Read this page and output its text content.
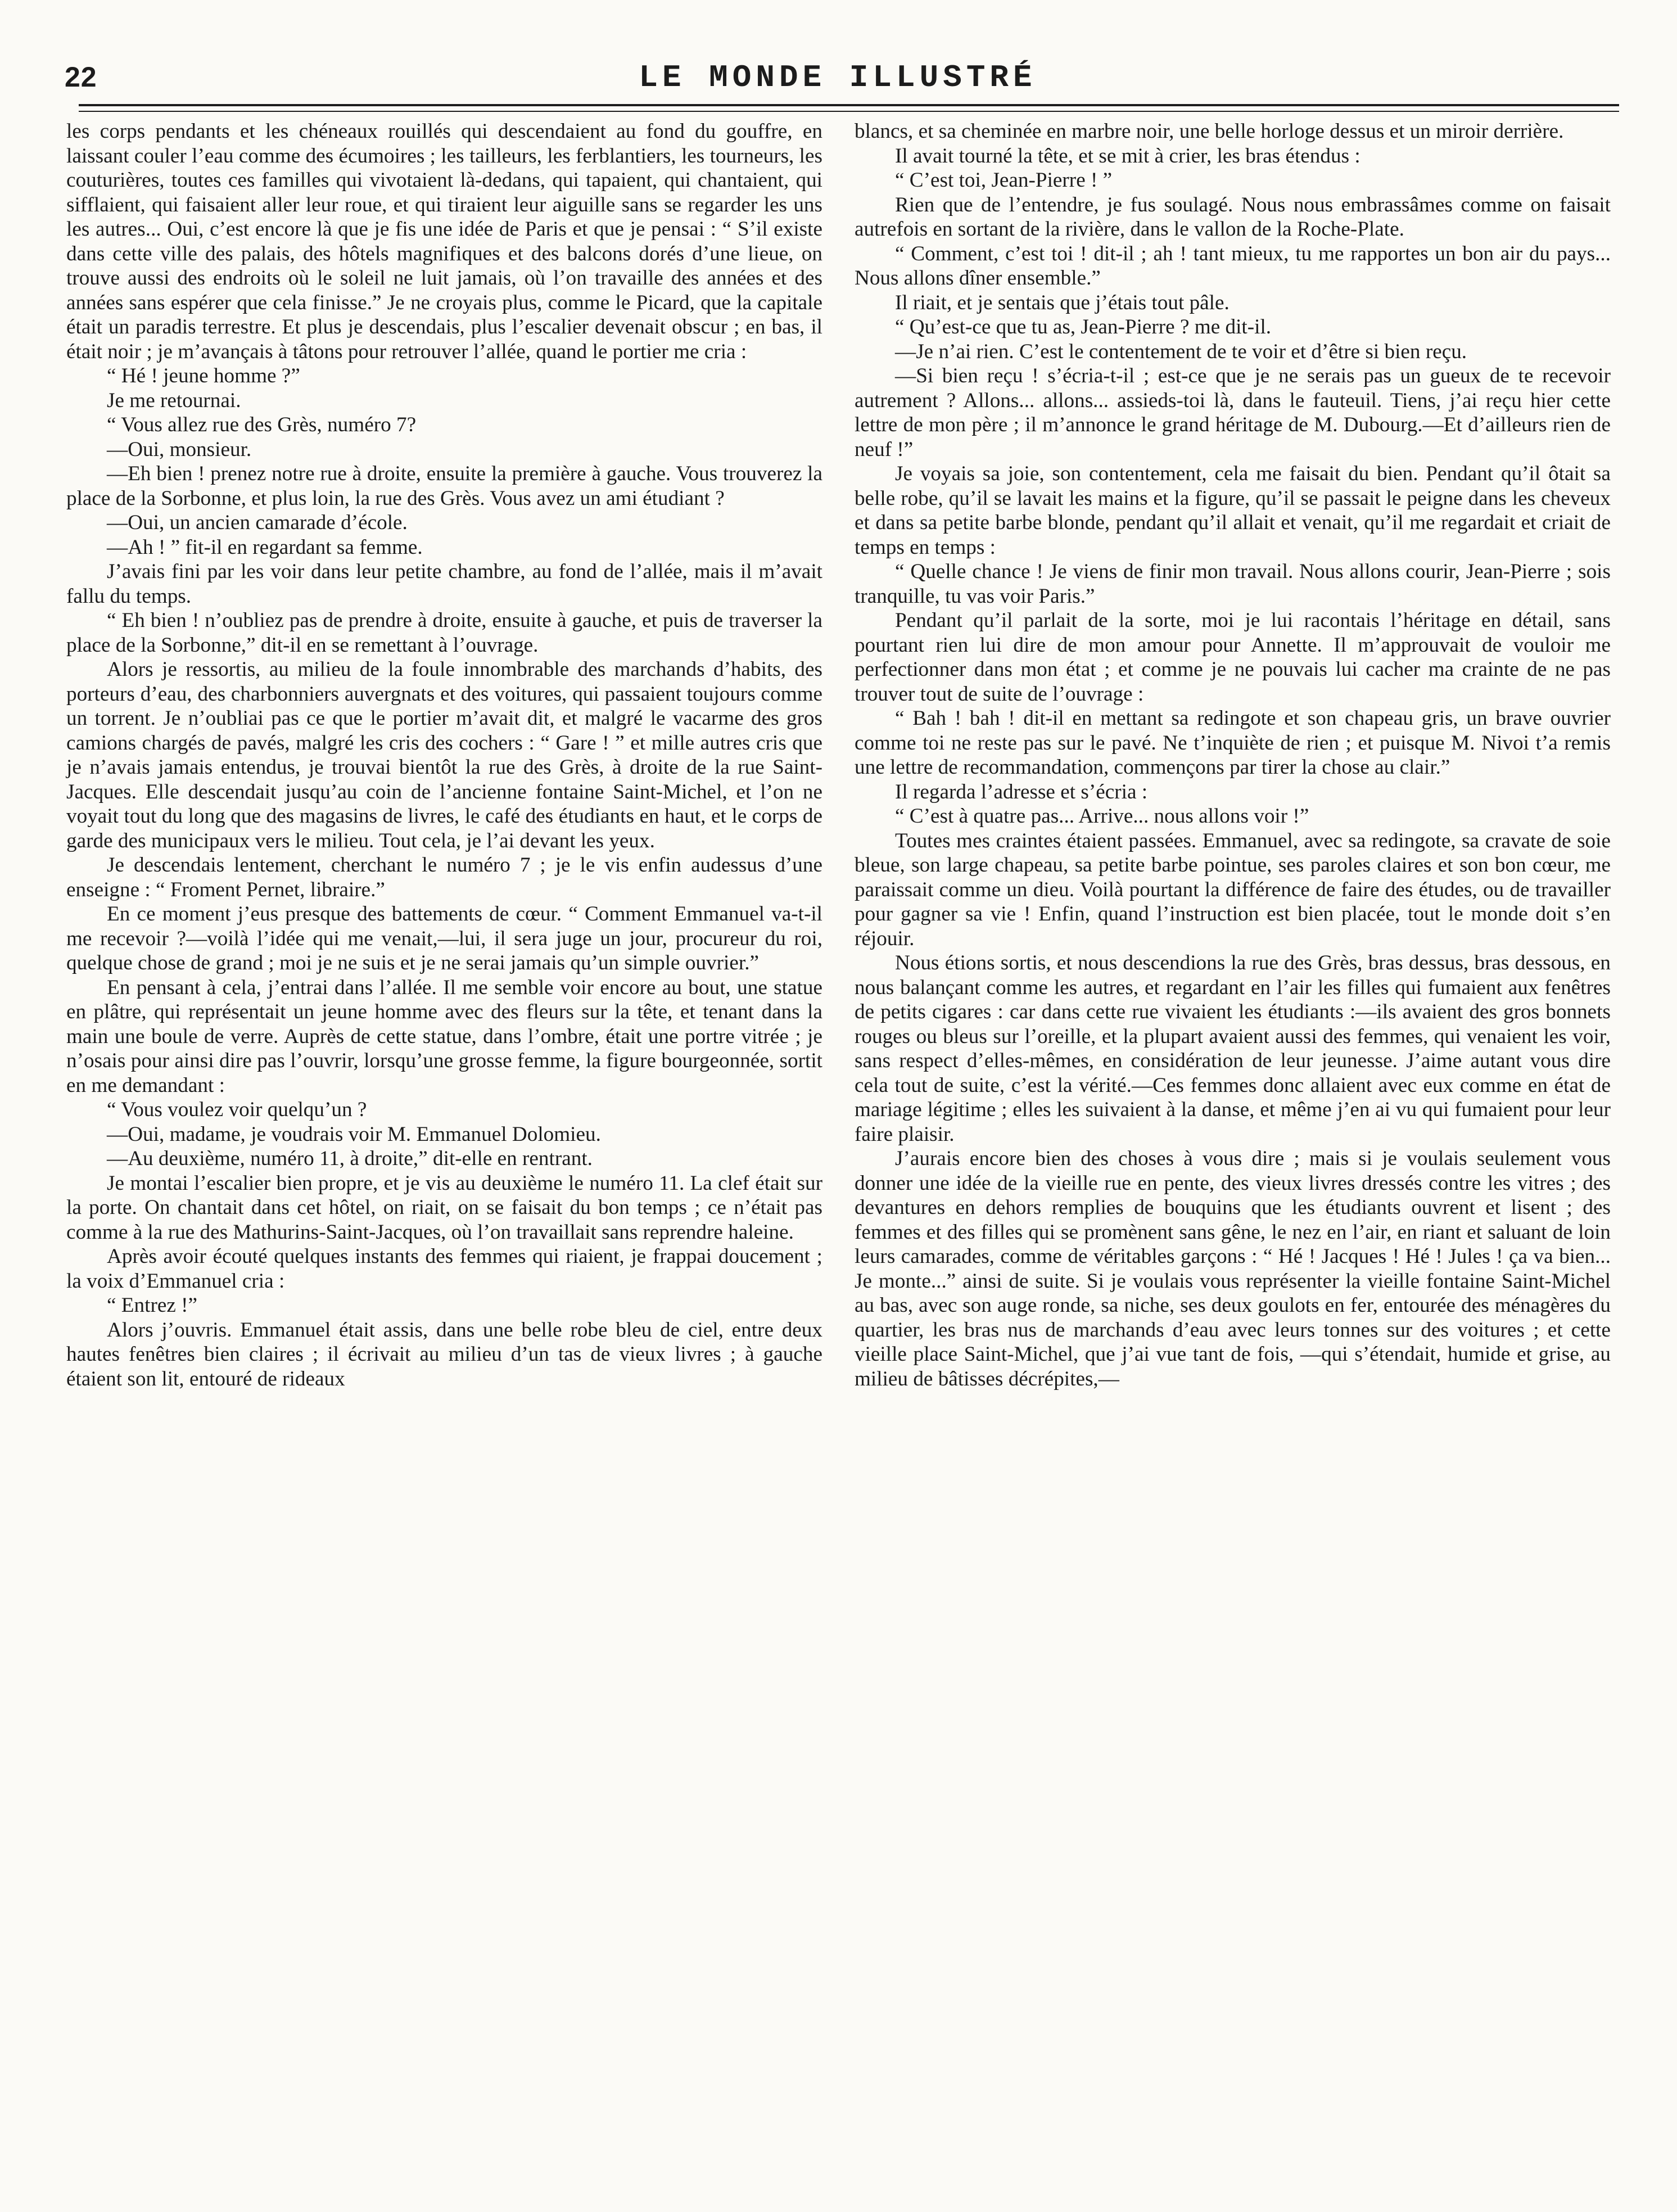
22	LE MONDE ILLUSTRÉ

les corps pendants et les chéneaux rouillés qui descendaient au fond du gouffre, en laissant couler l’eau comme des écumoires ; les tailleurs, les ferblantiers, les tourneurs, les couturières, toutes ces familles qui vivotaient là-dedans, qui tapaient, qui chantaient, qui sifflaient, qui faisaient aller leur roue, et qui tiraient leur aiguille sans se regarder les uns les autres... Oui, c’est encore là que je fis une idée de Paris et que je pensai : “ S’il existe dans cette ville des palais, des hôtels magnifiques et des balcons dorés d’une lieue, on trouve aussi des endroits où le soleil ne luit jamais, où l’on travaille des années et des années sans espérer que cela finisse.” Je ne croyais plus, comme le Picard, que la capitale était un paradis terrestre. Et plus je descendais, plus l’escalier devenait obscur ; en bas, il était noir ; je m’avançais à tâtons pour retrouver l’allée, quand le portier me cria :

“ Hé ! jeune homme ?”

Je me retournai.

“ Vous allez rue des Grès, numéro 7?

—Oui, monsieur.

—Eh bien ! prenez notre rue à droite, ensuite la première à gauche. Vous trouverez la place de la Sorbonne, et plus loin, la rue des Grès. Vous avez un ami étudiant ?

—Oui, un ancien camarade d’école.

—Ah ! ” fit-il en regardant sa femme.

J’avais fini par les voir dans leur petite chambre, au fond de l’allée, mais il m’avait fallu du temps.

“ Eh bien ! n’oubliez pas de prendre à droite, ensuite à gauche, et puis de traverser la place de la Sorbonne,” dit-il en se remettant à l’ouvrage.

Alors je ressortis, au milieu de la foule innombrable des marchands d’habits, des porteurs d’eau, des charbonniers auvergnats et des voitures, qui passaient toujours comme un torrent. Je n’oubliai pas ce que le portier m’avait dit, et malgré le vacarme des gros camions chargés de pavés, malgré les cris des cochers : “ Gare ! ” et mille autres cris que je n’avais jamais entendus, je trouvai bientôt la rue des Grès, à droite de la rue Saint-Jacques. Elle descendait jusqu’au coin de l’ancienne fontaine Saint-Michel, et l’on ne voyait tout du long que des magasins de livres, le café des étudiants en haut, et le corps de garde des municipaux vers le milieu. Tout cela, je l’ai devant les yeux.

Je descendais lentement, cherchant le numéro 7 ; je le vis enfin audessus d’une enseigne : “ Froment Pernet, libraire.”

En ce moment j’eus presque des battements de cœur. “ Comment Emmanuel va-t-il me recevoir ?—voilà l’idée qui me venait,—lui, il sera juge un jour, procureur du roi, quelque chose de grand ; moi je ne suis et je ne serai jamais qu’un simple ouvrier.”

En pensant à cela, j’entrai dans l’allée. Il me semble voir encore au bout, une statue en plâtre, qui représentait un jeune homme avec des fleurs sur la tête, et tenant dans la main une boule de verre. Auprès de cette statue, dans l’ombre, était une portre vitrée ; je n’osais pour ainsi dire pas l’ouvrir, lorsqu’une grosse femme, la figure bourgeonnée, sortit en me demandant :

“ Vous voulez voir quelqu’un ?

—Oui, madame, je voudrais voir M. Emmanuel Dolomieu.

—Au deuxième, numéro 11, à droite,” dit-elle en rentrant.

Je montai l’escalier bien propre, et je vis au deuxième le numéro 11. La clef était sur la porte. On chantait dans cet hôtel, on riait, on se faisait du bon temps ; ce n’était pas comme à la rue des Mathurins-Saint-Jacques, où l’on travaillait sans reprendre haleine.

Après avoir écouté quelques instants des femmes qui riaient, je frappai doucement ; la voix d’Emmanuel cria :

“ Entrez !”

Alors j’ouvris. Emmanuel était assis, dans une belle robe bleu de ciel, entre deux hautes fenêtres bien claires ; il écrivait au milieu d’un tas de vieux livres ; à gauche étaient son lit, entouré de rideaux

blancs, et sa cheminée en marbre noir, une belle horloge dessus et un miroir derrière.

Il avait tourné la tête, et se mit à crier, les bras étendus :

“ C’est toi, Jean-Pierre ! ”

Rien que de l’entendre, je fus soulagé. Nous nous embrassâmes comme on faisait autrefois en sortant de la rivière, dans le vallon de la Roche-Plate.

“ Comment, c’est toi ! dit-il ; ah ! tant mieux, tu me rapportes un bon air du pays... Nous allons dîner ensemble.”

Il riait, et je sentais que j’étais tout pâle.

“ Qu’est-ce que tu as, Jean-Pierre ? me dit-il.

—Je n’ai rien. C’est le contentement de te voir et d’être si bien reçu.

—Si bien reçu ! s’écria-t-il ; est-ce que je ne serais pas un gueux de te recevoir autrement ? Allons... allons... assieds-toi là, dans le fauteuil. Tiens, j’ai reçu hier cette lettre de mon père ; il m’annonce le grand héritage de M. Dubourg.—Et d’ailleurs rien de neuf !”

Je voyais sa joie, son contentement, cela me faisait du bien. Pendant qu’il ôtait sa belle robe, qu’il se lavait les mains et la figure, qu’il se passait le peigne dans les cheveux et dans sa petite barbe blonde, pendant qu’il allait et venait, qu’il me regardait et criait de temps en temps :

“ Quelle chance ! Je viens de finir mon travail. Nous allons courir, Jean-Pierre ; sois tranquille, tu vas voir Paris.”

Pendant qu’il parlait de la sorte, moi je lui racontais l’héritage en détail, sans pourtant rien lui dire de mon amour pour Annette. Il m’approuvait de vouloir me perfectionner dans mon état ; et comme je ne pouvais lui cacher ma crainte de ne pas trouver tout de suite de l’ouvrage :

“ Bah ! bah ! dit-il en mettant sa redingote et son chapeau gris, un brave ouvrier comme toi ne reste pas sur le pavé. Ne t’inquiète de rien ; et puisque M. Nivoi t’a remis une lettre de recommandation, commençons par tirer la chose au clair.”

Il regarda l’adresse et s’écria :

“ C’est à quatre pas... Arrive... nous allons voir !”

Toutes mes craintes étaient passées. Emmanuel, avec sa redingote, sa cravate de soie bleue, son large chapeau, sa petite barbe pointue, ses paroles claires et son bon cœur, me paraissait comme un dieu. Voilà pourtant la différence de faire des études, ou de travailler pour gagner sa vie ! Enfin, quand l’instruction est bien placée, tout le monde doit s’en réjouir.

Nous étions sortis, et nous descendions la rue des Grès, bras dessus, bras dessous, en nous balançant comme les autres, et regardant en l’air les filles qui fumaient aux fenêtres de petits cigares : car dans cette rue vivaient les étudiants :—ils avaient des gros bonnets rouges ou bleus sur l’oreille, et la plupart avaient aussi des femmes, qui venaient les voir, sans respect d’elles-mêmes, en considération de leur jeunesse. J’aime autant vous dire cela tout de suite, c’est la vérité.—Ces femmes donc allaient avec eux comme en état de mariage légitime ; elles les suivaient à la danse, et même j’en ai vu qui fumaient pour leur faire plaisir.

J’aurais encore bien des choses à vous dire ; mais si je voulais seulement vous donner une idée de la vieille rue en pente, des vieux livres dressés contre les vitres ; des devantures en dehors remplies de bouquins que les étudiants ouvrent et lisent ; des femmes et des filles qui se promènent sans gêne, le nez en l’air, en riant et saluant de loin leurs camarades, comme de véritables garçons : “ Hé ! Jacques ! Hé ! Jules ! ça va bien... Je monte...” ainsi de suite. Si je voulais vous représenter la vieille fontaine Saint-Michel au bas, avec son auge ronde, sa niche, ses deux goulots en fer, entourée des ménagères du quartier, les bras nus de marchands d’eau avec leurs tonnes sur des voitures ; et cette vieille place Saint-Michel, que j’ai vue tant de fois, —qui s’étendait, humide et grise, au milieu de bâtisses décrépites,—
